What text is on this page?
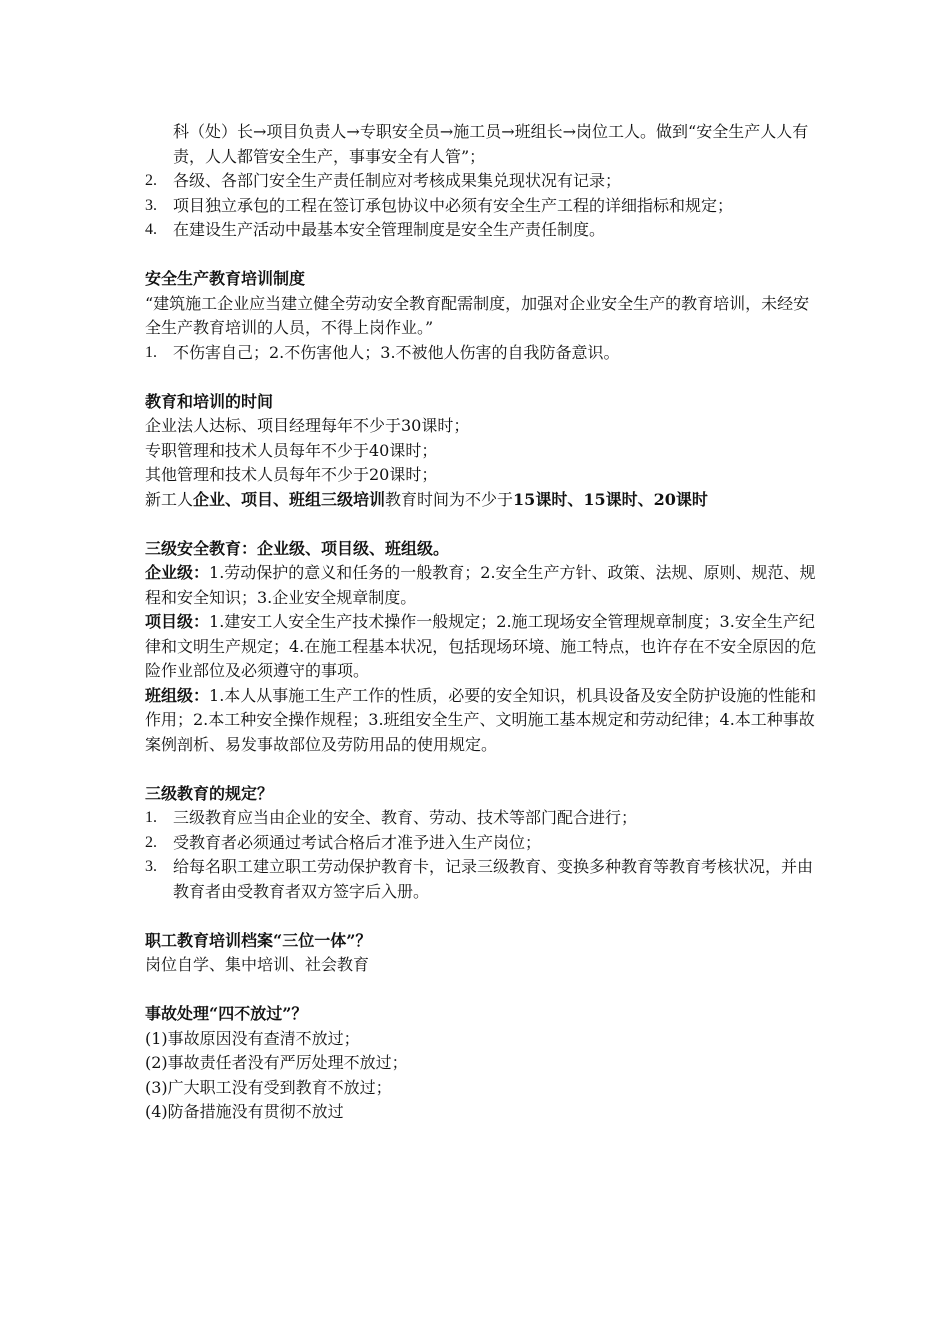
科（处）长→项目负责人→专职安全员→施工员→班组长→岗位工人。做到“安全生产人人有责，人人都管安全生产，事事安全有人管”；

2.	各级、各部门安全生产责任制应对考核成果集兑现状况有记录；
3.	项目独立承包的工程在签订承包协议中必须有安全生产工程的详细指标和规定；
4.	在建设生产活动中最基本安全管理制度是安全生产责任制度。

安全生产教育培训制度

“建筑施工企业应当建立健全劳动安全教育配需制度，加强对企业安全生产的教育培训，未经安全生产教育培训的人员，不得上岗作业。”

1.	不伤害自己；2.不伤害他人；3.不被他人伤害的自我防备意识。

教育和培训的时间

企业法人达标、项目经理每年不少于30课时；

专职管理和技术人员每年不少于40课时；

其他管理和技术人员每年不少于20课时；

新工人企业、项目、班组三级培训教育时间为不少于15课时、15课时、20课时

三级安全教育：企业级、项目级、班组级。

企业级：1.劳动保护的意义和任务的一般教育；2.安全生产方针、政策、法规、原则、规范、规程和安全知识；3.企业安全规章制度。

项目级：1.建安工人安全生产技术操作一般规定；2.施工现场安全管理规章制度；3.安全生产纪律和文明生产规定；4.在施工程基本状况，包括现场环境、施工特点，也许存在不安全原因的危险作业部位及必须遵守的事项。

班组级：1.本人从事施工生产工作的性质，必要的安全知识，机具设备及安全防护设施的性能和作用；2.本工种安全操作规程；3.班组安全生产、文明施工基本规定和劳动纪律；4.本工种事故案例剖析、易发事故部位及劳防用品的使用规定。

三级教育的规定？

1.	三级教育应当由企业的安全、教育、劳动、技术等部门配合进行；
2.	受教育者必须通过考试合格后才准予进入生产岗位；
3.	给每名职工建立职工劳动保护教育卡，记录三级教育、变换多种教育等教育考核状况，并由教育者由受教育者双方签字后入册。

职工教育培训档案“三位一体”？

岗位自学、集中培训、社会教育

事故处理“四不放过”？

(1)事故原因没有查清不放过；

(2)事故责任者没有严厉处理不放过；

(3)广大职工没有受到教育不放过；

(4)防备措施没有贯彻不放过
